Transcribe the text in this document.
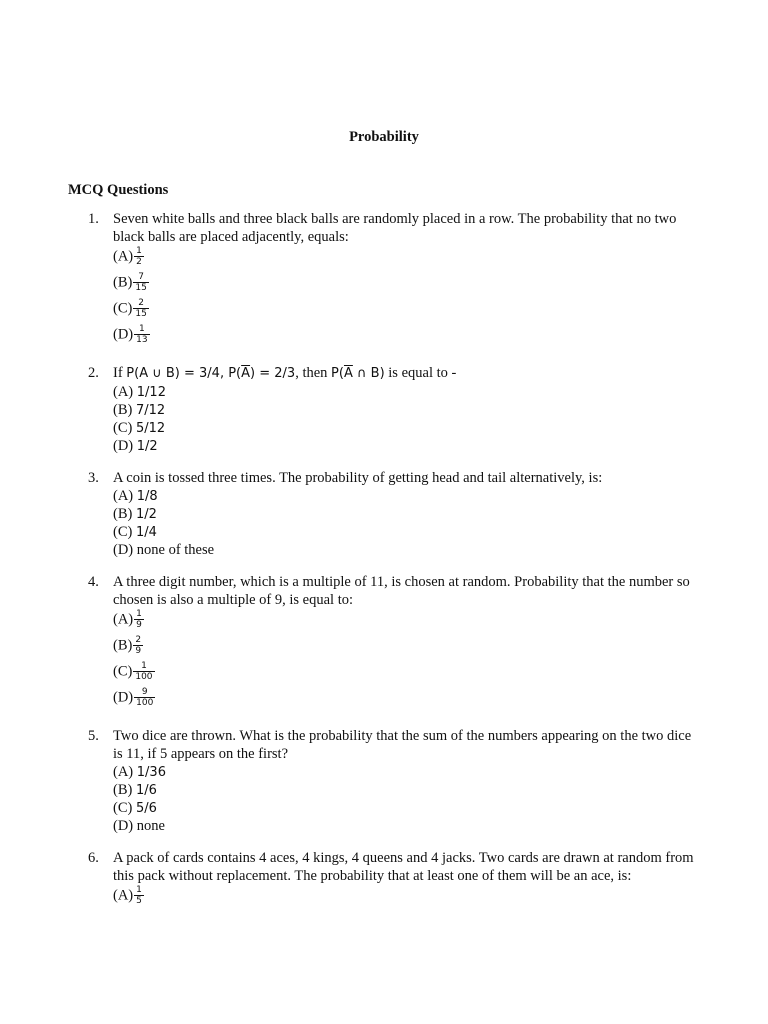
Probability
MCQ Questions
1. Seven white balls and three black balls are randomly placed in a row. The probability that no two black balls are placed adjacently, equals:
$(A) \frac{1}{2}$
$(B) \frac{7}{15}$
$(C) \frac{2}{15}$
$(D) \frac{1}{13}$
2. If P(A ∪ B) = 3/4, $P(\overline{A}) = 2/3$, then $P(\overline{A}$ ∩ B) is equal to -
(A) 1/12
(B) 7/12
(C) 5/12
(D) 1/2
3. A coin is tossed three times. The probability of getting head and tail alternatively, is:
(A) 1/8
(B) 1/2
(C) 1/4
(D) none of these
4. A three digit number, which is a multiple of 11, is chosen at random. Probability that the number so chosen is also a multiple of 9, is equal to:
$(A) \frac{1}{9}$
$(B) \frac{2}{9}$
$(C) \frac{1}{100}$
$(D) \frac{9}{100}$
5. Two dice are thrown. What is the probability that the sum of the numbers appearing on the two dice is 11, if 5 appears on the first?
(A) 1/36
(B) 1/6
(C) 5/6
(D) none
6. A pack of cards contains 4 aces, 4 kings, 4 queens and 4 jacks. Two cards are drawn at random from this pack without replacement. The probability that at least one of them will be an ace, is:
$(A) \frac{1}{5}$
